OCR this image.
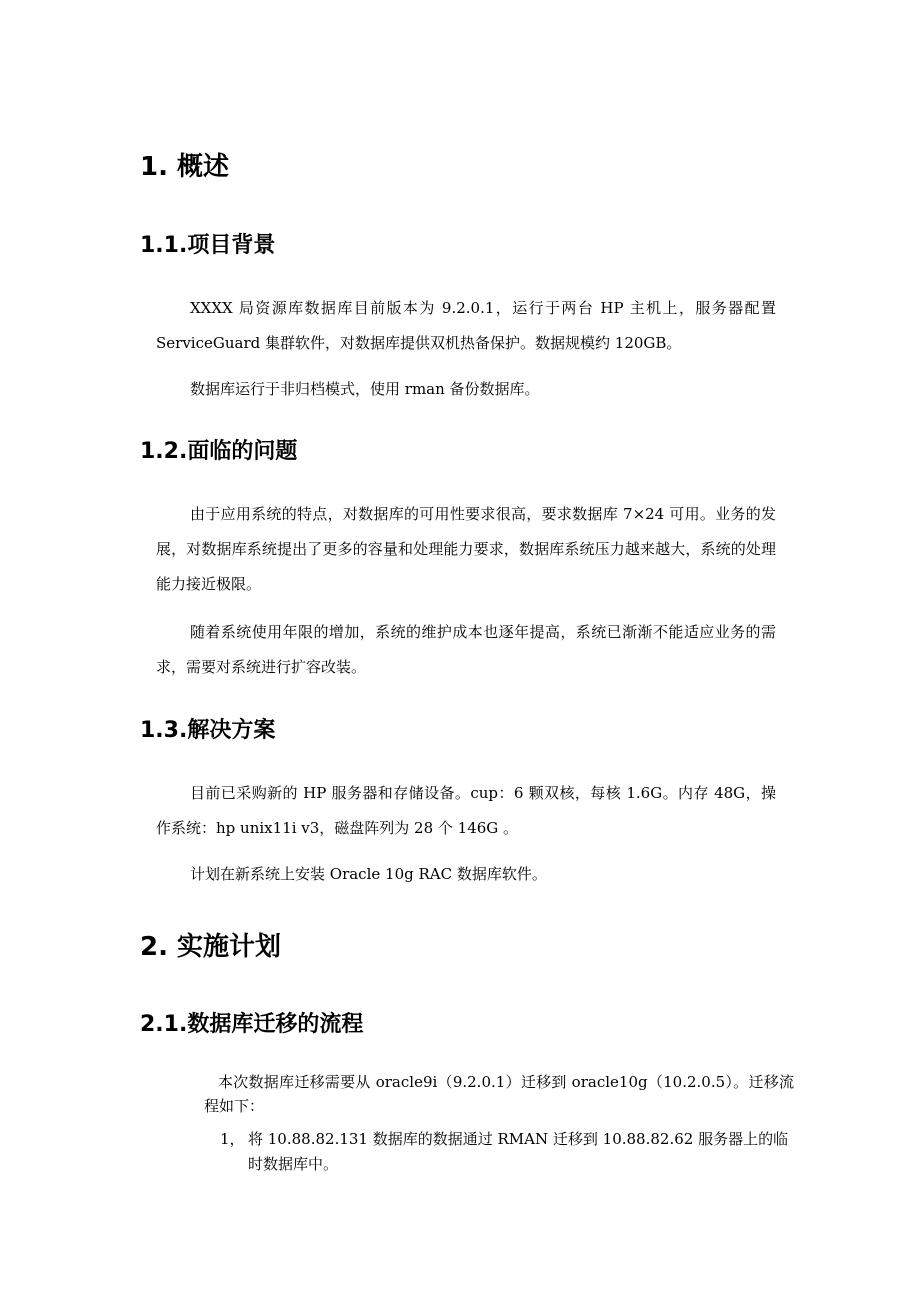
1. 概述
1.1.项目背景

XXXX 局资源库数据库目前版本为 9.2.0.1，运行于两台 HP 主机上，服务器配置 ServiceGuard 集群软件，对数据库提供双机热备保护。数据规模约 120GB。

数据库运行于非归档模式，使用 rman 备份数据库。

1.2.面临的问题

由于应用系统的特点，对数据库的可用性要求很高，要求数据库 7×24 可用。业务的发展，对数据库系统提出了更多的容量和处理能力要求，数据库系统压力越来越大，系统的处理能力接近极限。

随着系统使用年限的增加，系统的维护成本也逐年提高，系统已渐渐不能适应业务的需求，需要对系统进行扩容改装。

1.3.解决方案

目前已采购新的 HP 服务器和存储设备。cup：6 颗双核，每核 1.6G。内存 48G，操作系统：hp unix11i v3，磁盘阵列为 28 个 146G 。

计划在新系统上安装 Oracle 10g RAC 数据库软件。

2. 实施计划
2.1.数据库迁移的流程

本次数据库迁移需要从 oracle9i（9.2.0.1）迁移到 oracle10g（10.2.0.5）。迁移流程如下：

1， 将 10.88.82.131 数据库的数据通过 RMAN 迁移到 10.88.82.62 服务器上的临时数据库中。
